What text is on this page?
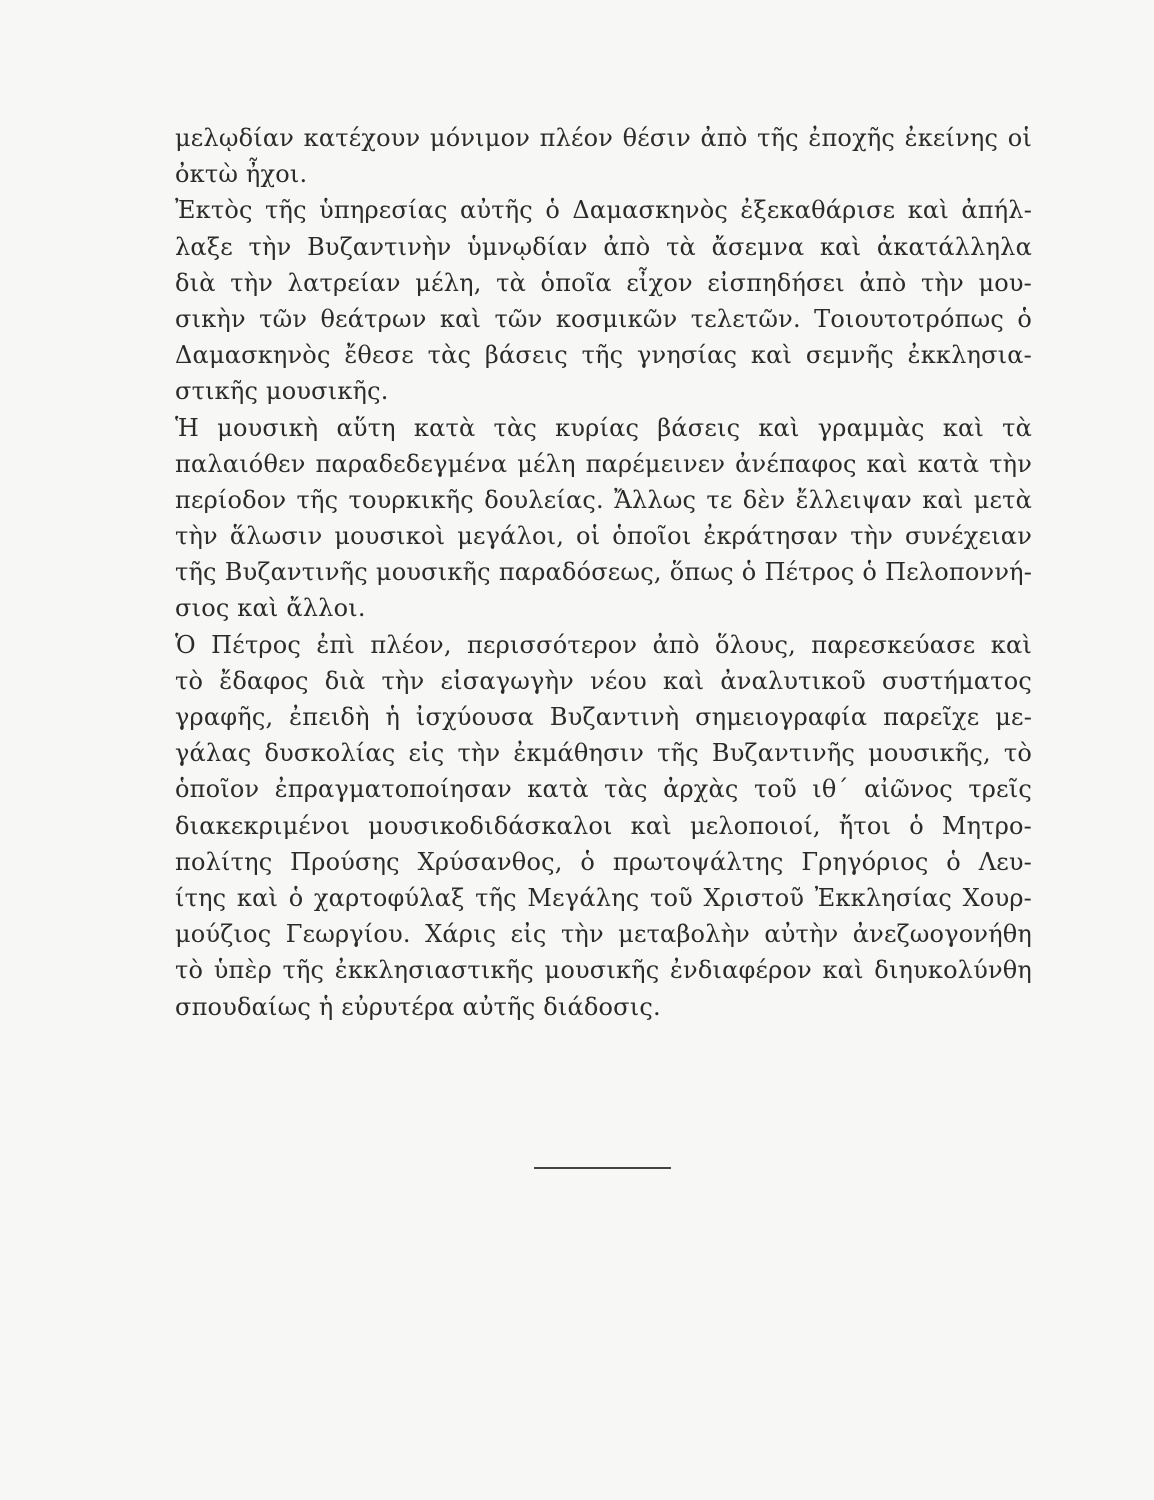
μελῳδίαν κατέχουν μόνιμον πλέον θέσιν ἀπὸ τῆς ἐποχῆς ἐκείνης οἱ
ὀκτὼ ἦχοι.
Ἐκτὸς τῆς ὑπηρεσίας αὐτῆς ὁ Δαμασκηνὸς ἐξεκαθάρισε καὶ ἀπήλ-
λαξε τὴν Βυζαντινὴν ὑμνῳδίαν ἀπὸ τὰ ἄσεμνα καὶ ἀκατάλληλα
διὰ τὴν λατρείαν μέλη, τὰ ὁποῖα εἶχον εἰσπηδήσει ἀπὸ τὴν μου-
σικὴν τῶν θεάτρων καὶ τῶν κοσμικῶν τελετῶν. Τοιουτοτρόπως ὁ
Δαμασκηνὸς ἔθεσε τὰς βάσεις τῆς γνησίας καὶ σεμνῆς ἐκκλησια-
στικῆς μουσικῆς.
Ἡ μουσικὴ αὕτη κατὰ τὰς κυρίας βάσεις καὶ γραμμὰς καὶ τὰ
παλαιόθεν παραδεδεγμένα μέλη παρέμεινεν ἀνέπαφος καὶ κατὰ τὴν
περίοδον τῆς τουρκικῆς δουλείας. Ἄλλως τε δὲν ἔλλειψαν καὶ μετὰ
τὴν ἅλωσιν μουσικοὶ μεγάλοι, οἱ ὁποῖοι ἐκράτησαν τὴν συνέχειαν
τῆς Βυζαντινῆς μουσικῆς παραδόσεως, ὅπως ὁ Πέτρος ὁ Πελοποννή-
σιος καὶ ἄλλοι.
Ὁ Πέτρος ἐπὶ πλέον, περισσότερον ἀπὸ ὅλους, παρεσκεύασε καὶ
τὸ ἔδαφος διὰ τὴν εἰσαγωγὴν νέου καὶ ἀναλυτικοῦ συστήματος
γραφῆς, ἐπειδὴ ἡ ἰσχύουσα Βυζαντινὴ σημειογραφία παρεῖχε με-
γάλας δυσκολίας εἰς τὴν ἐκμάθησιν τῆς Βυζαντινῆς μουσικῆς, τὸ
ὁποῖον ἐπραγματοποίησαν κατὰ τὰς ἀρχὰς τοῦ ιθ΄ αἰῶνος τρεῖς
διακεκριμένοι μουσικοδιδάσκαλοι καὶ μελοποιοί, ἤτοι ὁ Μητρο-
πολίτης Προύσης Χρύσανθος, ὁ πρωτοψάλτης Γρηγόριος ὁ Λευ-
ίτης καὶ ὁ χαρτοφύλαξ τῆς Μεγάλης τοῦ Χριστοῦ Ἐκκλησίας Χουρ-
μούζιος Γεωργίου. Χάρις εἰς τὴν μεταβολὴν αὐτὴν ἀνεζωογονήθη
τὸ ὑπὲρ τῆς ἐκκλησιαστικῆς μουσικῆς ἐνδιαφέρον καὶ διηυκολύνθη
σπουδαίως ἡ εὐρυτέρα αὐτῆς διάδοσις.
